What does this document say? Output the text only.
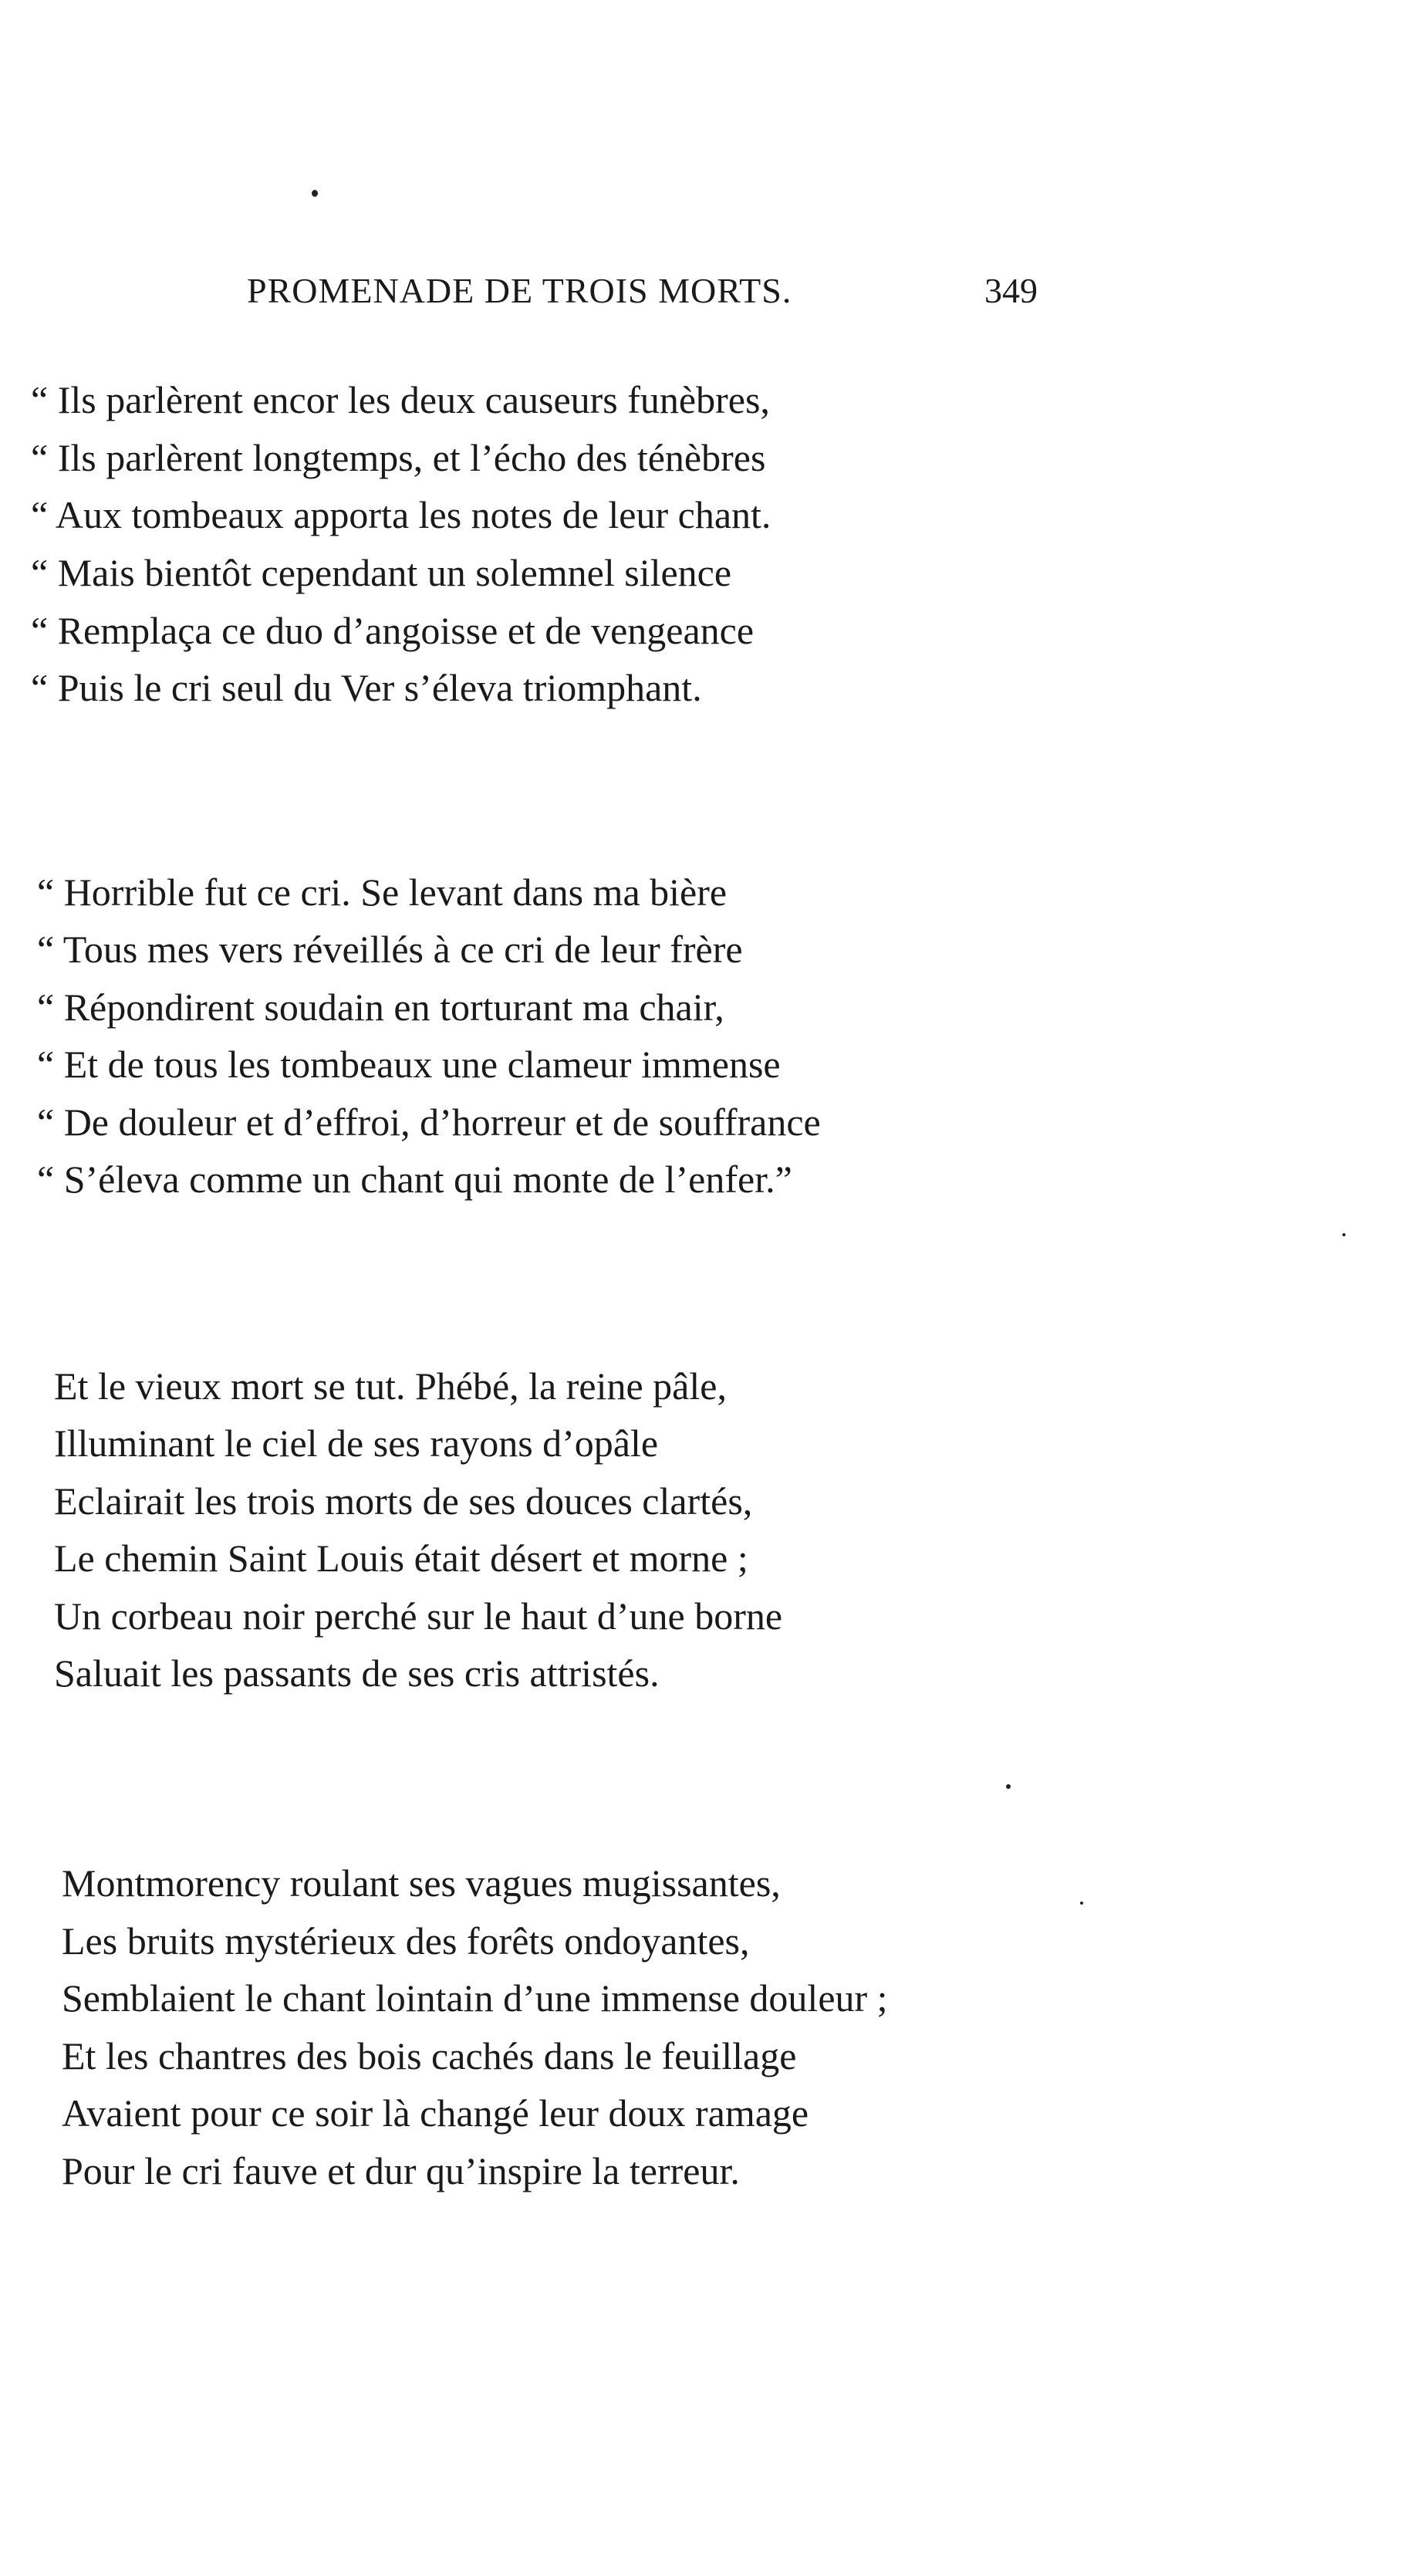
PROMENADE DE TROIS MORTS.	349
“ Ils parlèrent encor les deux causeurs funèbres,
“ Ils parlèrent longtemps, et l’écho des ténèbres
“ Aux tombeaux apporta les notes de leur chant.
“ Mais bientôt cependant un solemnel silence
“ Remplaça ce duo d’angoisse et de vengeance
“ Puis le cri seul du Ver s’éleva triomphant.
“ Horrible fut ce cri. Se levant dans ma bière
“ Tous mes vers réveillés à ce cri de leur frère
“ Répondirent soudain en torturant ma chair,
“ Et de tous les tombeaux une clameur immense
“ De douleur et d’effroi, d’horreur et de souffrance
“ S’éleva comme un chant qui monte de l’enfer.”
Et le vieux mort se tut. Phébé, la reine pâle,
Illuminant le ciel de ses rayons d’opâle
Eclairait les trois morts de ses douces clartés,
Le chemin Saint Louis était désert et morne ;
Un corbeau noir perché sur le haut d’une borne
Saluait les passants de ses cris attristés.
Montmorency roulant ses vagues mugissantes,
Les bruits mystérieux des forêts ondoyantes,
Semblaient le chant lointain d’une immense douleur ;
Et les chantres des bois cachés dans le feuillage
Avaient pour ce soir là changé leur doux ramage
Pour le cri fauve et dur qu’inspire la terreur.
